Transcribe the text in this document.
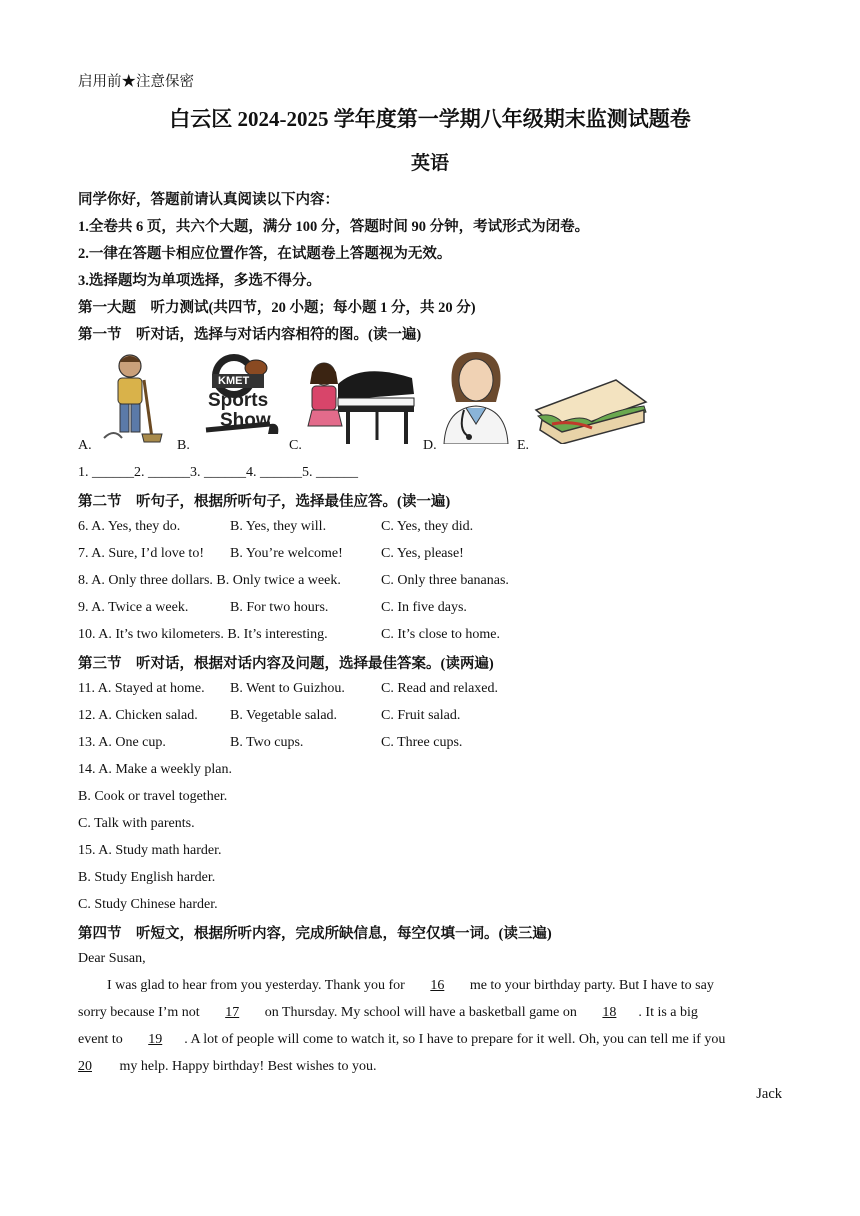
启用前★注意保密
白云区 2024-2025 学年度第一学期八年级期末监测试题卷
英语
同学你好，答题前请认真阅读以下内容：
1.全卷共 6 页，共六个大题，满分 100 分，答题时间 90 分钟，考试形式为闭卷。
2.一律在答题卡相应位置作答，在试题卷上答题视为无效。
3.选择题均为单项选择，多选不得分。
第一大题　听力测试(共四节，20 小题；每小题 1 分，共 20 分)
第一节　听对话，选择与对话内容相符的图。(读一遍)
A.
KMET
Sports
Show
B.	C.	D.	E.
1. ______2. ______3. ______4. ______5. ______
第二节　听句子，根据所听句子，选择最佳应答。(读一遍)
6. A. Yes, they do.	B. Yes, they will.	C. Yes, they did.
7. A. Sure, I’d love to! B. You’re welcome!	C. Yes, please!
8. A. Only three dollars. B. Only twice a week.	C. Only three bananas.
9. A. Twice a week.	B. For two hours.	C. In five days.
10. A. It’s two kilometers. B. It’s interesting.	C. It’s close to home.
第三节　听对话，根据对话内容及问题，选择最佳答案。(读两遍)
11. A. Stayed at home. B. Went to Guizhou.	C. Read and relaxed.
12. A. Chicken salad. B. Vegetable salad.	C. Fruit salad.
13. A. One cup.	B. Two cups.	C. Three cups.
14. A. Make a weekly plan.
B. Cook or travel together.
C. Talk with parents.
15. A. Study math harder.
B. Study English harder.
C. Study Chinese harder.
第四节　听短文，根据所听内容，完成所缺信息，每空仅填一词。(读三遍)
Dear Susan,
I was glad to hear from you yesterday. Thank you for 16 me to your birthday party. But I have to say
sorry because I’m not 17 on Thursday. My school will have a basketball game on 18 . It is a big
event to 19 . A lot of people will come to watch it, so I have to prepare for it well. Oh, you can tell me if you
20 my help. Happy birthday! Best wishes to you.
Jack
